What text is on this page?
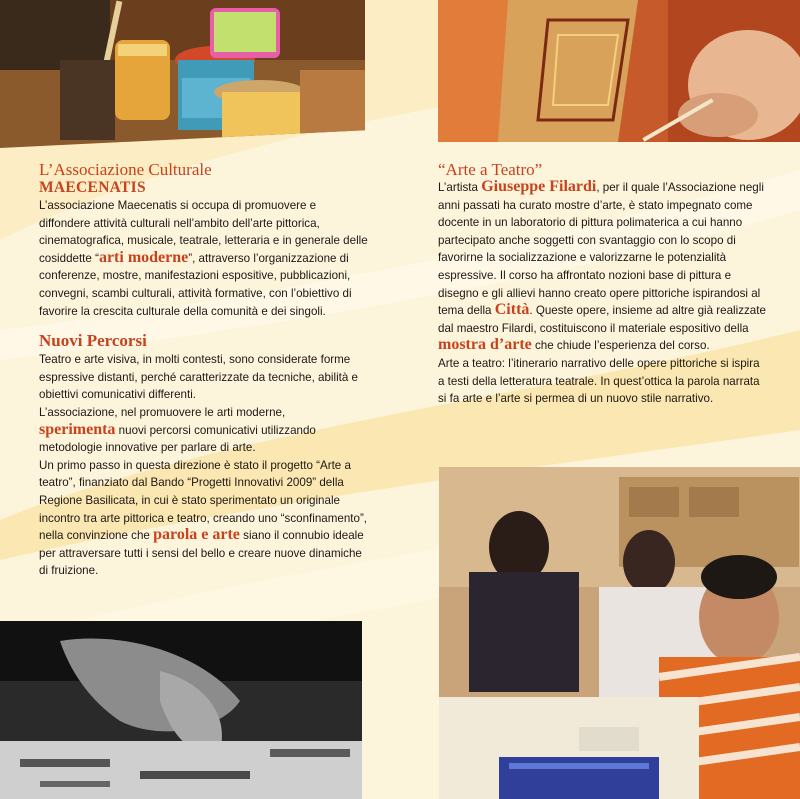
L’Associazione Culturale
MAECENATIS

L’associazione Maecenatis si occupa di promuovere e diffondere attività culturali nell’ambito dell’arte pittorica, cinematografica, musicale, teatrale, letteraria e in generale delle cosiddette “arti moderne”, attraverso l’organizzazione di conferenze, mostre, manifestazioni espositive, pubblicazioni, convegni, scambi culturali, attività formative, con l’obiettivo di favorire la crescita culturale della comunità e dei singoli.

Nuovi Percorsi

Teatro e arte visiva, in molti contesti, sono considerate forme espressive distanti, perché caratterizzate da tecniche, abilità e obiettivi comunicativi differenti.

L’associazione, nel promuovere le arti moderne,
sperimenta nuovi percorsi comunicativi utilizzando metodologie innovative per parlare di arte.

Un primo passo in questa direzione è stato il progetto “Arte a teatro”, finanziato dal Bando “Progetti Innovativi 2009” della Regione Basilicata, in cui è stato sperimentato un originale incontro tra arte pittorica e teatro, creando uno “sconfinamento”, nella convinzione che parola e arte siano il connubio ideale per attraversare tutti i sensi del bello e creare nuove dinamiche di fruizione.

“Arte a Teatro”

L’artista Giuseppe Filardi, per il quale l’Associazione negli anni passati ha curato mostre d’arte, è stato impegnato come docente in un laboratorio di pittura polimaterica a cui hanno partecipato anche soggetti con svantaggio con lo scopo di favorirne la socializzazione e valorizzarne le potenzialità espressive. Il corso ha affrontato nozioni base di pittura e disegno e gli allievi hanno creato opere pittoriche ispirandosi al tema della Città. Queste opere, insieme ad altre già realizzate dal maestro Filardi, costituiscono il materiale espositivo della mostra d’arte che chiude l’esperienza del corso.

Arte a teatro: l’itinerario narrativo delle opere pittoriche si ispira a testi della letteratura teatrale. In quest’ottica la parola narrata si fa arte e l’arte si permea di un nuovo stile narrativo.
